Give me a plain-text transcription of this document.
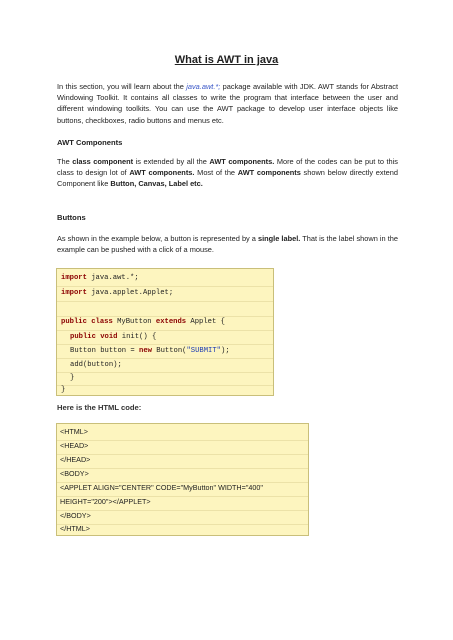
What is AWT in java
In this section, you will learn about the java.awt.*; package available with JDK. AWT stands for Abstract Windowing Toolkit. It contains all classes to write the program that interface between the user and different windowing toolkits. You can use the AWT package to develop user interface objects like buttons, checkboxes, radio buttons and menus etc.
AWT Components
The class component is extended by all the AWT components. More of the codes can be put to this class to design lot of AWT components. Most of the AWT components shown below directly extend Component like Button, Canvas, Label etc.
Buttons
As shown in the example below, a button is represented by a single label. That is the label shown in the example can be pushed with a click of a mouse.
import java.awt.*;
import java.applet.Applet;
public class MyButton extends Applet {
public void init() {
Button button = new Button("SUBMIT");
add(button);
}
}
Here is the HTML code:
<HTML>
<HEAD>
</HEAD>
<BODY>
<APPLET ALIGN="CENTER" CODE="MyButton" WIDTH="400"
HEIGHT="200"></APPLET>
</BODY>
</HTML>
